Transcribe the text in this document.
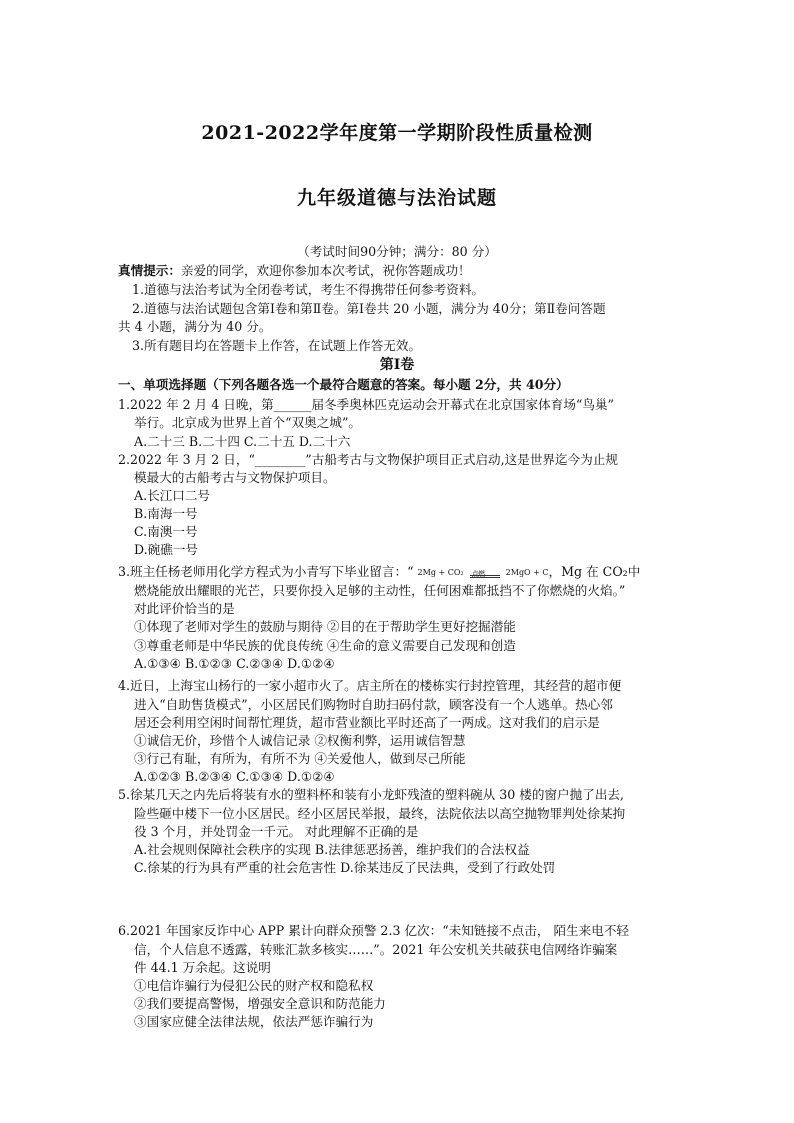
2021-2022学年度第一学期阶段性质量检测
九年级道德与法治试题
（考试时间90分钟；满分：80 分）
真情提示：亲爱的同学，欢迎你参加本次考试，祝你答题成功！
1.道德与法治考试为全闭卷考试，考生不得携带任何参考资料。
2.道德与法治试题包含第Ⅰ卷和第Ⅱ卷。第Ⅰ卷共 20 小题，满分为 40分；第Ⅱ卷问答题
共 4 小题，满分为 40 分。
3.所有题目均在答题卡上作答，在试题上作答无效。
第Ⅰ卷
一、单项选择题（下列各题各选一个最符合题意的答案。每小题 2分，共 40分）
1.2022 年 2 月 4 日晚，第______届冬季奥林匹克运动会开幕式在北京国家体育场“鸟巢”
举行。北京成为世界上首个“双奥之城”。
A.二十三 B.二十四 C.二十五 D.二十六
2.2022 年 3 月 2 日，“________”古船考古与文物保护项目正式启动,这是世界迄今为止规
模最大的古船考古与文物保护项目。
A.长江口二号
B.南海一号
C.南澳一号
D.碗礁一号
3.班主任杨老师用化学方程式为小青写下毕业留言：“ 2Mg + CO₂ 点燃	2MgO + C，Mg 在 CO₂中
燃烧能放出耀眼的光芒，只要你投入足够的主动性，任何困难都抵挡不了你燃烧的火焰。”
对此评价恰当的是
①体现了老师对学生的鼓励与期待 ②目的在于帮助学生更好挖掘潜能
③尊重老师是中华民族的优良传统 ④生命的意义需要自己发现和创造
A.①③④ B.①②③ C.②③④ D.①②④
4.近日，上海宝山杨行的一家小超市火了。店主所在的楼栋实行封控管理，其经营的超市便
进入“自助售货模式”，小区居民们购物时自助扫码付款，顾客没有一个人逃单。热心邻
居还会利用空闲时间帮忙理货，超市营业额比平时还高了一两成。这对我们的启示是
①诚信无价，珍惜个人诚信记录 ②权衡利弊，运用诚信智慧
③行己有耻，有所为，有所不为 ④关爱他人，做到尽己所能
A.①②③ B.②③④ C.①③④ D.①②④
5.徐某几天之内先后将装有水的塑料杯和装有小龙虾残渣的塑料碗从 30 楼的窗户抛了出去,
险些砸中楼下一位小区居民。经小区居民举报，最终，法院依法以高空抛物罪判处徐某拘
役 3 个月，并处罚金一千元。 对此理解不正确的是
A.社会规则保障社会秩序的实现 B.法律惩恶扬善，维护我们的合法权益
C.徐某的行为具有严重的社会危害性 D.徐某违反了民法典，受到了行政处罚
6.2021 年国家反诈中心 APP 累计向群众预警 2.3 亿次：“未知链接不点击， 陌生来电不轻
信，个人信息不透露，转账汇款多核实……”。2021 年公安机关共破获电信网络诈骗案
件 44.1 万余起。这说明
①电信诈骗行为侵犯公民的财产权和隐私权
②我们要提高警惕，增强安全意识和防范能力
③国家应健全法律法规，依法严惩诈骗行为
